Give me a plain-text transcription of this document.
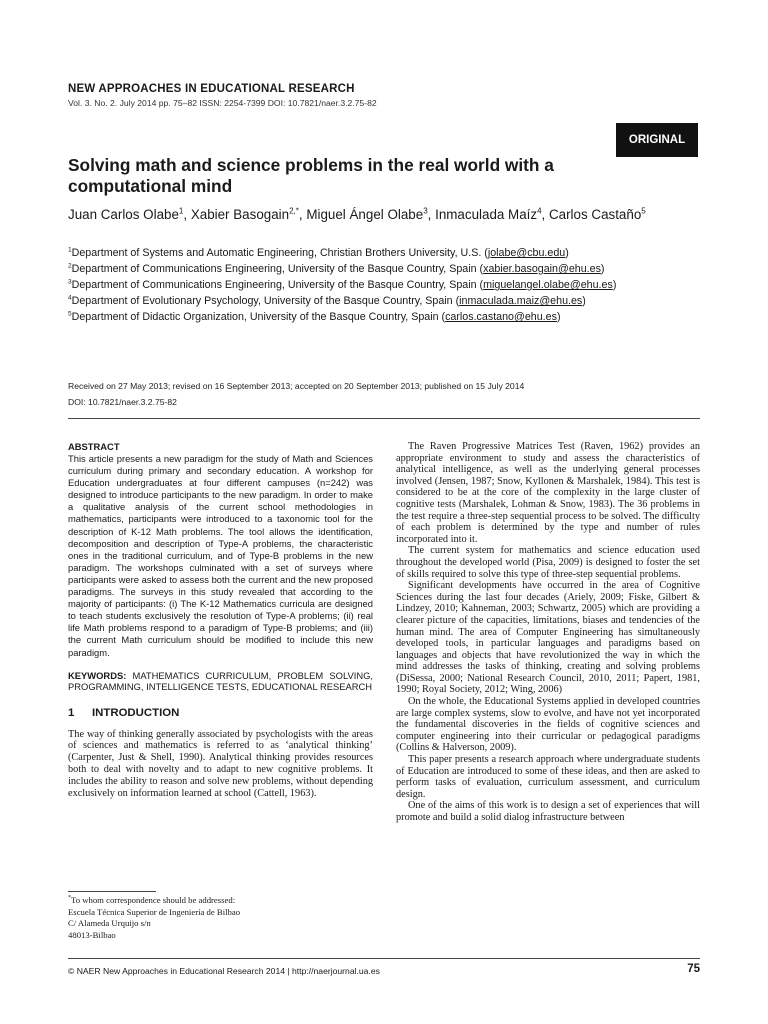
NEW APPROACHES IN EDUCATIONAL RESEARCH
Vol. 3. No. 2. July 2014 pp. 75–82 ISSN: 2254-7399 DOI: 10.7821/naer.3.2.75-82
ORIGINAL
Solving math and science problems in the real world with a computational mind
Juan Carlos Olabe$^1$, Xabier Basogain$^{2,*}$, Miguel Ángel Olabe$^3$, Inmaculada Maíz$^4$, Carlos Castaño$^5$
$^1$Department of Systems and Automatic Engineering, Christian Brothers University, U.S. (jolabe@cbu.edu)
$^2$Department of Communications Engineering, University of the Basque Country, Spain (xabier.basogain@ehu.es)
$^3$Department of Communications Engineering, University of the Basque Country, Spain (miguelangel.olabe@ehu.es)
$^4$Department of Evolutionary Psychology, University of the Basque Country, Spain (inmaculada.maiz@ehu.es)
$^5$Department of Didactic Organization, University of the Basque Country, Spain (carlos.castano@ehu.es)
Received on 27 May 2013; revised on 16 September 2013; accepted on 20 September 2013; published on 15 July 2014
DOI: 10.7821/naer.3.2.75-82
ABSTRACT
This article presents a new paradigm for the study of Math and Sciences curriculum during primary and secondary education. A workshop for Education undergraduates at four different campuses (n=242) was designed to introduce participants to the new paradigm. In order to make a qualitative analysis of the current school methodologies in mathematics, participants were introduced to a taxonomic tool for the description of K-12 Math problems. The tool allows the identification, decomposition and description of Type-A problems, the characteristic ones in the traditional curriculum, and of Type-B problems in the new paradigm. The workshops culminated with a set of surveys where participants were asked to assess both the current and the new proposed paradigms. The surveys in this study revealed that according to the majority of participants: (i) The K-12 Mathematics curricula are designed to teach students exclusively the resolution of Type-A problems; (ii) real life Math problems respond to a paradigm of Type-B problems; and (iii) the current Math curriculum should be modified to include this new paradigm.
KEYWORDS: MATHEMATICS CURRICULUM, PROBLEM SOLVING, PROGRAMMING, INTELLIGENCE TESTS, EDUCATIONAL RESEARCH
1	INTRODUCTION

The way of thinking generally associated by psychologists with the areas of sciences and mathematics is referred to as ‘analytical thinking’ (Carpenter, Just & Shell, 1990). Analytical thinking provides resources both to deal with novelty and to adapt to new cognitive problems. It includes the ability to reason and solve new problems, without depending exclusively on information learned at school (Cattell, 1963).

*To whom correspondence should be addressed:
Escuela Técnica Superior de Ingeniería de Bilbao
C/ Alameda Urquijo s/n
48013-Bilbao

The Raven Progressive Matrices Test (Raven, 1962) provides an appropriate environment to study and assess the characteristics of analytical intelligence, as well as the underlying general processes involved (Jensen, 1987; Snow, Kyllonen & Marshalek, 1984). This test is considered to be at the core of the complexity in the large cluster of cognitive tests (Marshalek, Lohman & Snow, 1983). The 36 problems in the test require a three-step sequential process to be solved. The difficulty of each problem is determined by the type and number of rules incorporated into it.

The current system for mathematics and science education used throughout the developed world (Pisa, 2009) is designed to foster the set of skills required to solve this type of three-step sequential problems.

Significant developments have occurred in the area of Cognitive Sciences during the last four decades (Ariely, 2009; Fiske, Gilbert & Lindzey, 2010; Kahneman, 2003; Schwartz, 2005) which are providing a clearer picture of the capacities, limitations, biases and tendencies of the human mind. The area of Computer Engineering has simultaneously developed tools, in particular languages and paradigms based on languages and objects that have revolutionized the way in which the mind addresses the tasks of thinking, creating and solving problems (DiSessa, 2000; National Research Council, 2010, 2011; Papert, 1981, 1990; Royal Society, 2012; Wing, 2006)

On the whole, the Educational Systems applied in developed countries are large complex systems, slow to evolve, and have not yet incorporated the fundamental discoveries in the fields of cognitive sciences and computer engineering into their curricular or pedagogical paradigms (Collins & Halverson, 2009).

This paper presents a research approach where undergraduate students of Education are introduced to some of these ideas, and then are asked to perform tasks of evaluation, curriculum assessment, and curriculum design.

One of the aims of this work is to design a set of experiences that will promote and build a solid dialog infrastructure between

© NAER New Approaches in Educational Research 2014 | http://naerjournal.ua.es	75
